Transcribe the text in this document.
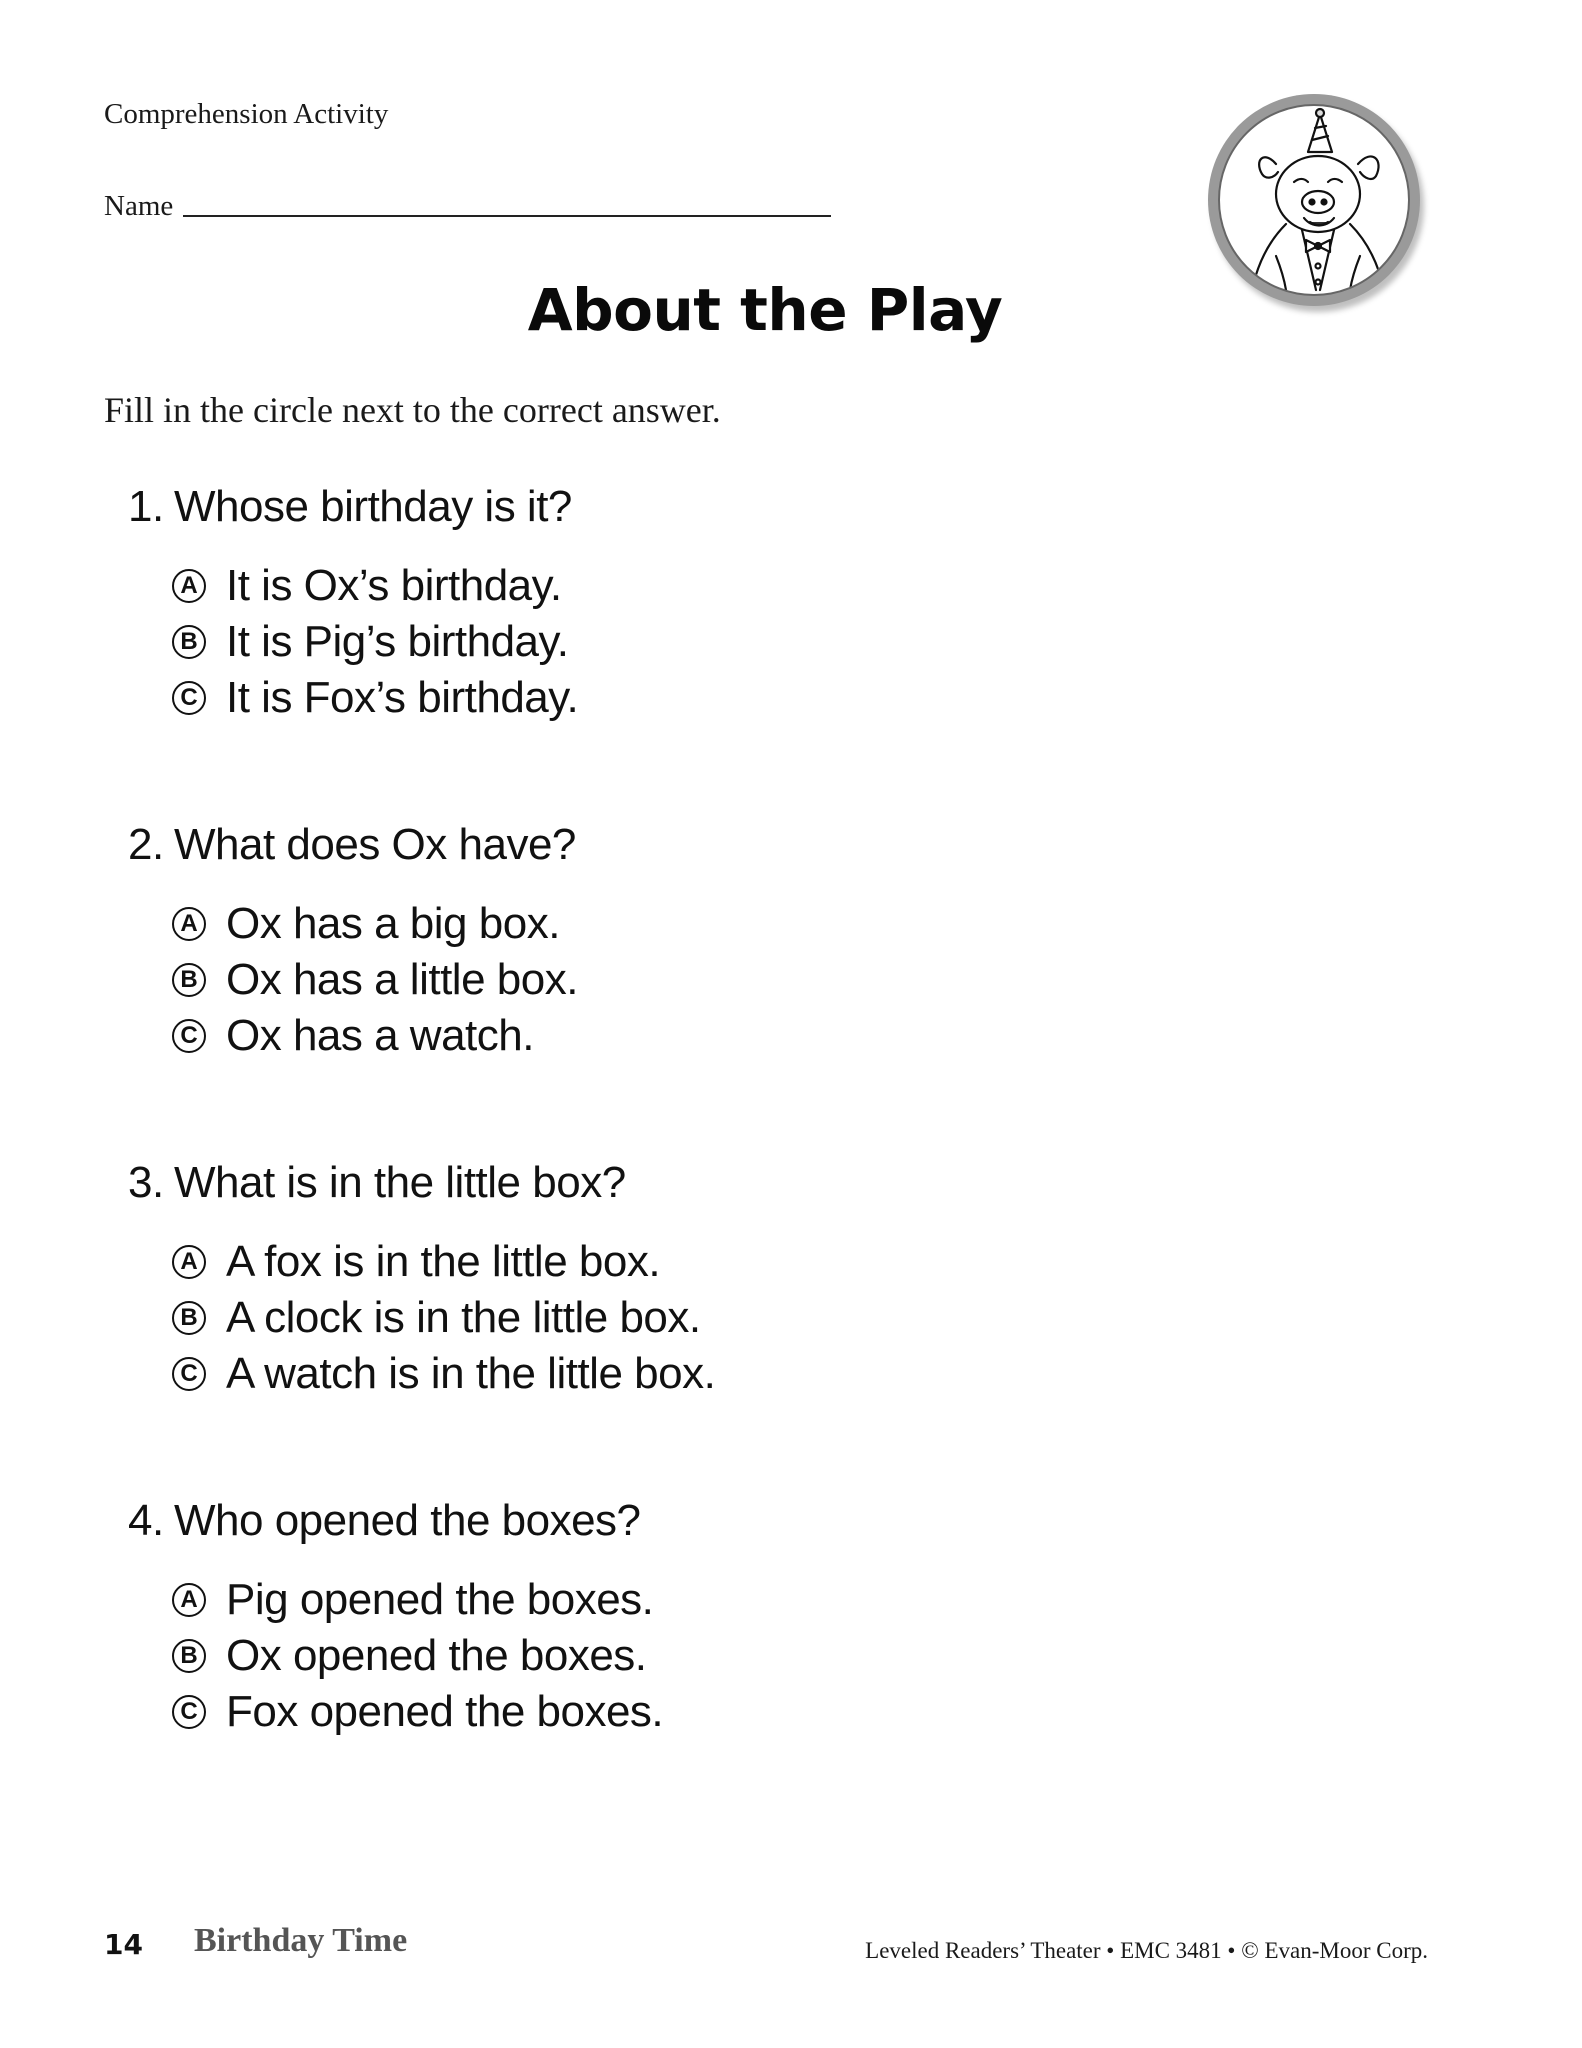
Comprehension Activity
Name
About the Play
Fill in the circle next to the correct answer.

1. Whose birthday is it?

A It is Ox’s birthday.
B It is Pig’s birthday.
C It is Fox’s birthday.

2. What does Ox have?

A Ox has a big box.
B Ox has a little box.
C Ox has a watch.

3. What is in the little box?

A A fox is in the little box.
B A clock is in the little box.
C A watch is in the little box.

4. Who opened the boxes?

A Pig opened the boxes.
B Ox opened the boxes.
C Fox opened the boxes.
14 Birthday Time	Leveled Readers’ Theater • EMC 3481 • © Evan-Moor Corp.
